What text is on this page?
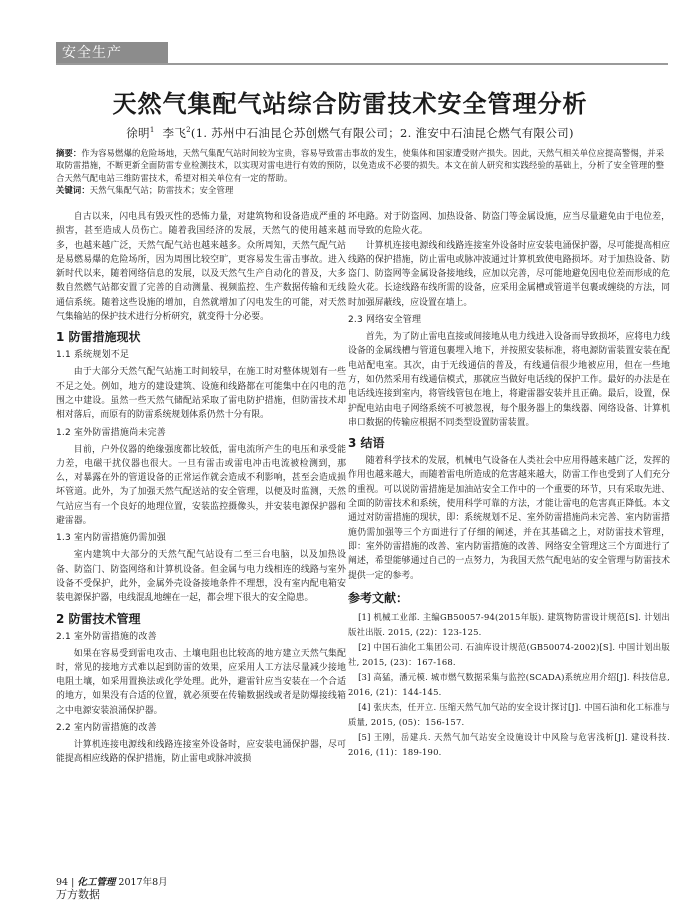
安全生产
天然气集配气站综合防雷技术安全管理分析
徐明$^1$ 李飞$^2$(1. 苏州中石油昆仑苏创燃气有限公司；2. 淮安中石油昆仑燃气有限公司)
摘要：作为容易燃爆的危险场地，天然气集配气站时间较为宝贵，容易导致雷击事故的发生，使集体和国家遭受财产损失。因此，天然气相关单位应提高警惕，并采取防雷措施，不断更新全面防雷专业检测技术，以实现对雷电进行有效的预防，以免造成不必要的损失。本文在前人研究和实践经验的基础上，分析了安全管理的整合天然气配电站三维防雷技术，希望对相关单位有一定的帮助。
关键词：天然气集配气站；防雷技术；安全管理

自古以来，闪电具有毁灭性的恐怖力量，对建筑物和设备造成严重的损害，甚至造成人员伤亡。随着我国经济的发展，天然气的使用越来越多，也越来越广泛，天然气配气站也越来越多。众所周知，天然气配气站是易燃易爆的危险场所，因为周围比较空旷，更容易发生雷击事故。进入新时代以来，随着网络信息的发展，以及天然气生产自动化的普及，大多数自然燃气站都安置了完善的自动测量、视频监控、生产数据传输和无线通信系统。随着这些设施的增加，自然就增加了闪电发生的可能，对天然气集输站的保护技术进行分析研究，就变得十分必要。

1 防雷措施现状
1.1 系统规划不足

由于大部分天然气配气站施工时间较早，在施工时对整体规划有一些不足之处。例如，地方的建设建筑、设施和线路都在可能集中在闪电的范围之中建设。虽然一些天然气储配站采取了雷电防护措施，但防雷技术却相对落后，而原有的防雷系统规划体系仍然十分有限。

1.2 室外防雷措施尚未完善

目前，户外仪器的绝缘强度都比较低，雷电流所产生的电压和承受能力差，电磁干扰仪器也很大。一旦有雷击或雷电冲击电流被检测到，那么，对暴露在外的管道设备的正常运作就会造成不利影响，甚至会造成损坏管道。此外，为了加强天然气配送站的安全管理，以便及时监测，天然气站应当有一个良好的地理位置，安装监控摄像头，并安装电源保护器和避雷器。

1.3 室内防雷措施仍需加强

室内建筑中大部分的天然气配气站设有二至三台电脑，以及加热设备、防盗门、防盗网络和计算机设备。但金属与电力线相连的线路与室外设备不受保护，此外，金属外壳设备接地条件不理想，没有室内配电箱安装电源保护器，电线混乱地缠在一起，都会埋下很大的安全隐患。

2 防雷技术管理
2.1 室外防雷措施的改善

如果在容易受到雷电攻击、土壤电阻也比较高的地方建立天然气集配时，常见的接地方式难以起到防雷的效果，应采用人工方法尽量减少接地电阻土壤，如采用置换法或化学处理。此外，避雷针应当安装在一个合适的地方，如果没有合适的位置，就必须要在传输数据线或者是防爆接线箱之中电源安装浪涌保护器。

2.2 室内防雷措施的改善

计算机连接电源线和线路连接室外设备时，应安装电涌保护器，尽可能提高相应线路的保护措施，防止雷电或脉冲波损

坏电路。对于防盗网、加热设备、防盗门等金属设施，应当尽量避免由于电位差，而导致的危险火花。

计算机连接电源线和线路连接室外设备时应安装电涌保护器，尽可能提高相应线路的保护措施，防止雷电或脉冲波通过计算机致使电路损坏。对于加热设备、防盗门、防盗网等金属设备接地线，应加以完善，尽可能地避免因电位差而形成的危险火花。长途线路布线所需的设备，应采用金属槽或管道半包裹或缠绕的方法，同时加强屏蔽线，应设置在墙上。

2.3 网络安全管理

首先，为了防止雷电直接或间接地从电力线进入设备而导致损坏，应将电力线设备的金属线槽与管道包裹埋入地下，并按照安装标准，将电源防雷装置安装在配电站配电室。其次，由于无线通信的普及，有线通信很少地被应用，但在一些地方，如仍然采用有线通信模式，那就应当做好电话线的保护工作。最好的办法是在电话线连接到室内，将管线管包在地上，将避雷器安装并且正确。最后，设置，保护配电站由电子网络系统不可被忽视，每个服务器上的集线器、网络设备、计算机串口数据的传输应根据不同类型设置防雷装置。

3 结语

随着科学技术的发展，机械电气设备在人类社会中应用得越来越广泛，发挥的作用也越来越大，而随着雷电所造成的危害越来越大，防雷工作也受到了人们充分的重视。可以说防雷措施是加油站安全工作中的一个重要的环节，只有采取先进、全面的防雷技术和系统，使用科学可靠的方法，才能让雷电的危害真正降低。本文通过对防雷措施的现状，即：系统规划不足、室外防雷措施尚未完善、室内防雷措施仍需加强等三个方面进行了仔细的阐述，并在其基础之上，对防雷技术管理，即：室外防雷措施的改善、室内防雷措施的改善、网络安全管理这三个方面进行了阐述，希望能够通过自己的一点努力，为我国天然气配电站的安全管理与防雷技术提供一定的参考。

参考文献：
[1] 机械工业部. 主编GB50057-94(2015年版). 建筑物防雷设计规范[S]. 计划出版社出版. 2015, (22)：123-125.
[2] 中国石油化工集团公司. 石油库设计规范(GB50074-2002)[S]. 中国计划出版社, 2015, (23)：167-168.
[3] 高猛，潘元模. 城市燃气数据采集与监控(SCADA)系统应用介绍[J]. 科技信息, 2016, (21)：144-145.
[4] 张庆杰，任开立. 压缩天然气加气站的安全设计探讨[J]. 中国石油和化工标准与质量, 2015, (05)：156-157.
[5] 王刚，岳建兵. 天然气加气站安全设施设计中风险与危害浅析[J]. 建设科技. 2016, (11)：189-190.
94 | 化工管理 2017年8月
万方数据
